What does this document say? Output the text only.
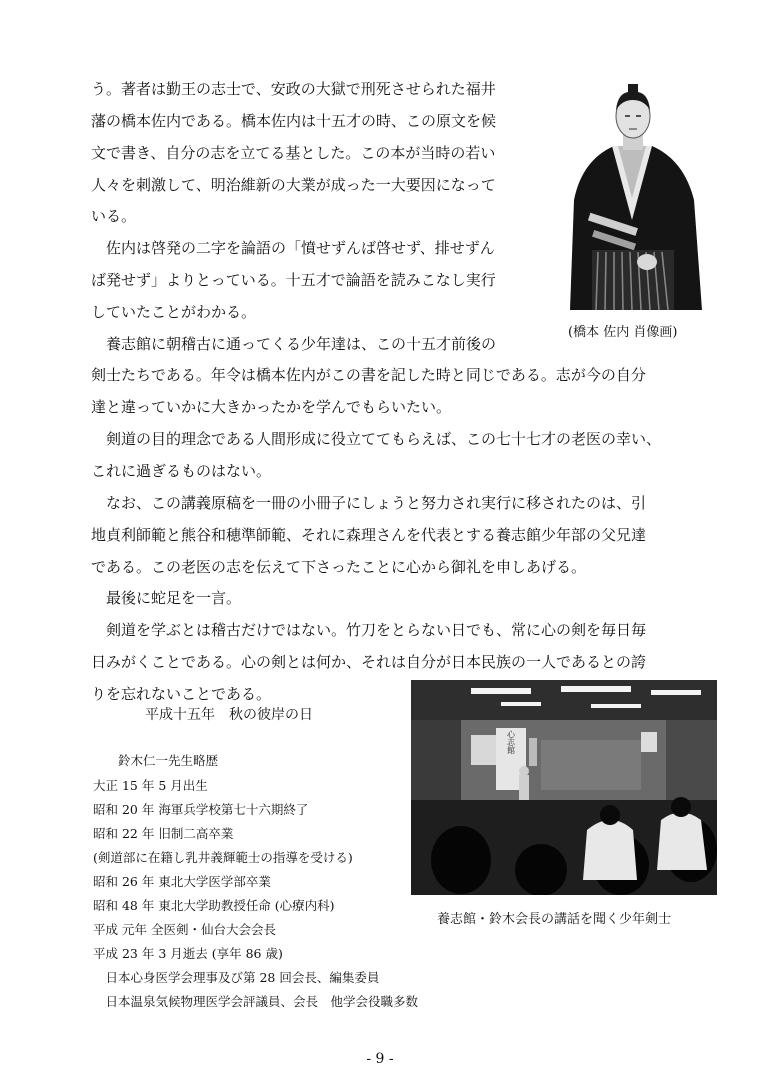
う。著者は勤王の志士で、安政の大獄で刑死させられた福井
藩の橋本佐内である。橋本佐内は十五才の時、この原文を候
文で書き、自分の志を立てる基とした。この本が当時の若い
人々を刺激して、明治維新の大業が成った一大要因になって
いる。
　佐内は啓発の二字を論語の「憤せずんば啓せず、排せずん
ば発せず」よりとっている。十五才で論語を読みこなし実行
していたことがわかる。
　養志館に朝稽古に通ってくる少年達は、この十五才前後の
剣士たちである。年令は橋本佐内がこの書を記した時と同じである。志が今の自分
達と違っていかに大きかったかを学んでもらいたい。
　剣道の目的理念である人間形成に役立ててもらえば、この七十七才の老医の幸い、
これに過ぎるものはない。
　なお、この講義原稿を一冊の小冊子にしょうと努力され実行に移されたのは、引
地貞利師範と熊谷和穂準師範、それに森理さんを代表とする養志館少年部の父兄達
である。この老医の志を伝えて下さったことに心から御礼を申しあげる。
　最後に蛇足を一言。
　剣道を学ぶとは稽古だけではない。竹刀をとらない日でも、常に心の剣を毎日毎
日みがくことである。心の剣とは何か、それは自分が日本民族の一人であるとの誇
りを忘れないことである。
平成十五年　秋の彼岸の日
鈴木仁一先生略歴
大正 15 年 5 月出生
昭和 20 年 海軍兵学校第七十六期終了
昭和 22 年 旧制二高卒業
(剣道部に在籍し乳井義輝範士の指導を受ける)
昭和 26 年 東北大学医学部卒業
昭和 48 年 東北大学助教授任命 (心療内科)
平成 元年 全医剣・仙台大会会長
平成 23 年 3 月逝去 (享年 86 歳)
　日本心身医学会理事及び第 28 回会長、編集委員
　日本温泉気候物理医学会評議員、会長　他学会役職多数
(橋本 佐内 肖像画)
心志館
養志館・鈴木会長の講話を聞く少年剣士
- 9 -
